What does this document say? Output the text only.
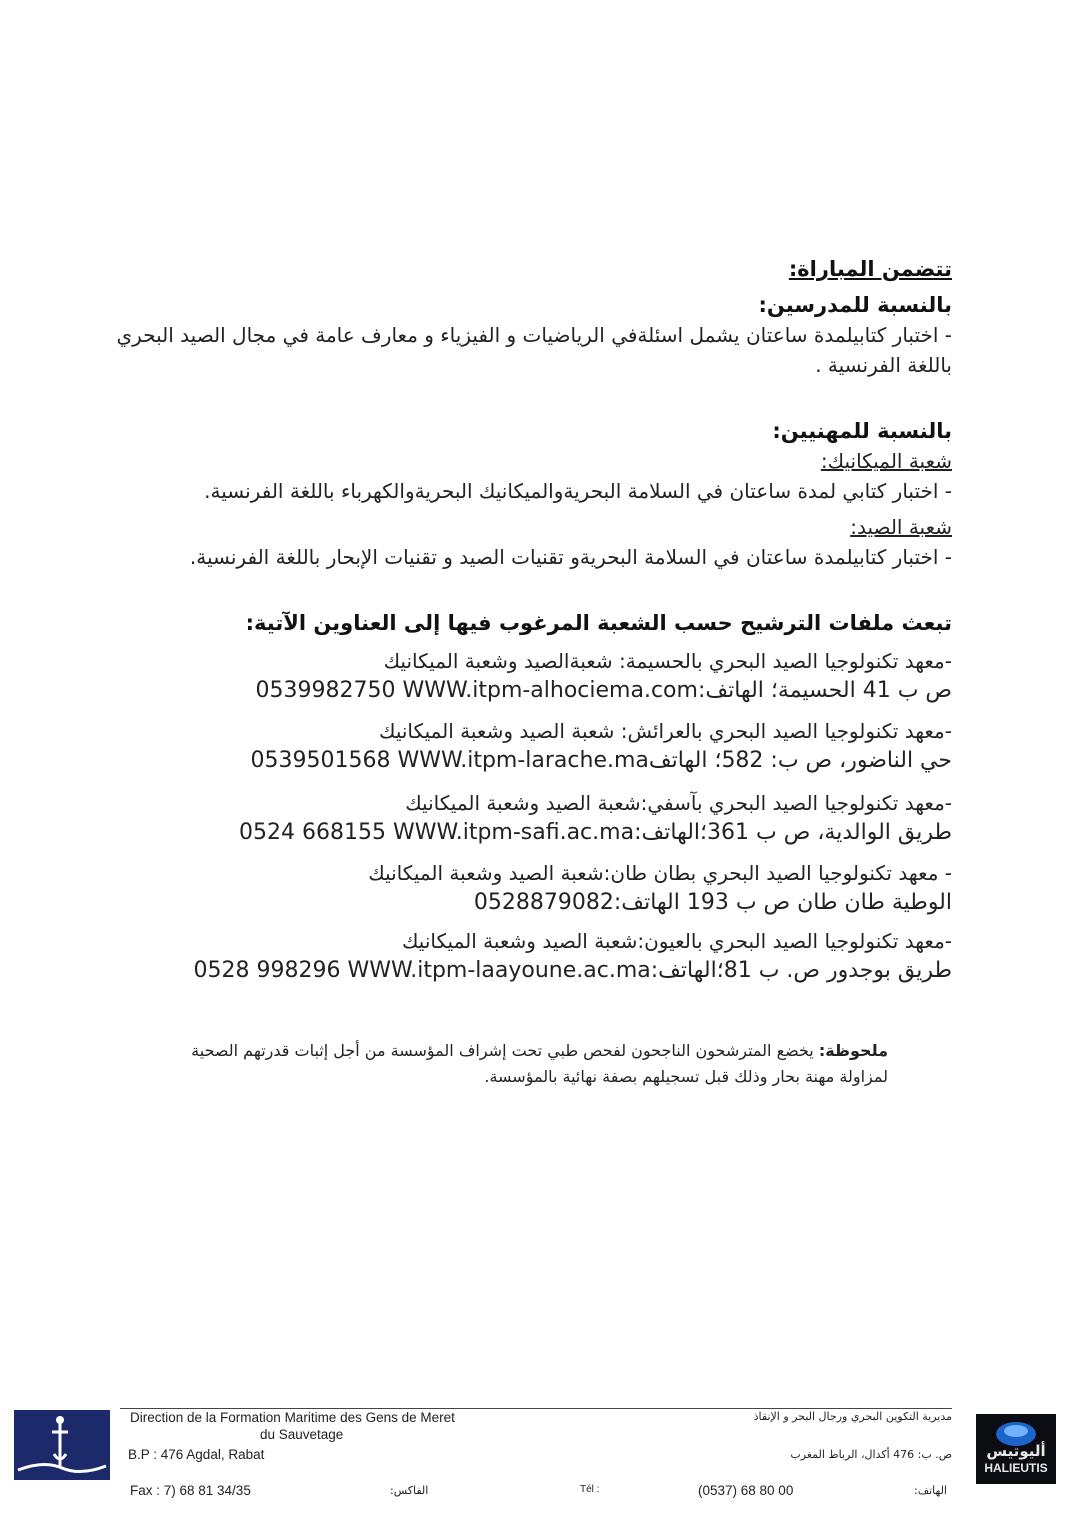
تتضمن المباراة:
بالنسبة للمدرسين:
- اختبار كتابيلمدة ساعتان يشمل اسئلةفي الرياضيات و الفيزياء و معارف عامة في مجال الصيد البحري
باللغة الفرنسية .
بالنسبة للمهنيين:
شعبة الميكانيك:
- اختبار كتابي لمدة ساعتان في السلامة البحريةوالميكانيك البحريةوالكهرباء باللغة الفرنسية.
شعبة الصيد:
- اختبار كتابيلمدة ساعتان في السلامة البحريةو تقنيات الصيد و تقنيات الإبحار باللغة الفرنسية.
تبعث ملفات الترشيح حسب الشعبة المرغوب فيها إلى العناوين الآتية:
-معهد تكنولوجيا الصيد البحري بالحسيمة: شعبةالصيد وشعبة الميكانيك
ص ب 41 الحسيمة؛ الهاتف:0539982750 WWW.itpm-alhociema.com
-معهد تكنولوجيا الصيد البحري بالعرائش: شعبة الصيد وشعبة الميكانيك
حي الناضور، ص ب: 582؛ الهاتف0539501568 WWW.itpm-larache.ma
-معهد تكنولوجيا الصيد البحري بآسفي:شعبة الصيد وشعبة الميكانيك
طريق الوالدية، ص ب 361؛الهاتف:0524 668155 WWW.itpm-safi.ac.ma
- معهد تكنولوجيا الصيد البحري بطان طان:شعبة الصيد وشعبة الميكانيك
الوطية طان طان ص ب 193 الهاتف:0528879082
-معهد تكنولوجيا الصيد البحري بالعيون:شعبة الصيد وشعبة الميكانيك
طريق بوجدور ص. ب 81؛الهاتف:0528 998296 WWW.itpm-laayoune.ac.ma
ملحوظة: يخضع المترشحون الناجحون لفحص طبي تحت إشراف المؤسسة من أجل إثبات قدرتهم الصحية
لمزاولة مهنة بحار وذلك قبل تسجيلهم بصفة نهائية بالمؤسسة.
Direction de la Formation Maritime des Gens de Meret
du Sauvetage
B.P : 476 Agdal, Rabat
Fax : 7) 68 81 34/35	الفاكس:	Tél :	(0537) 68 80 00	الهاتف:
مديرية التكوين البحري ورجال البحر و الإنقاذ
ص. ب: 476 أكدال، الرباط المغرب	أليوتيس
HALIEUTIS
